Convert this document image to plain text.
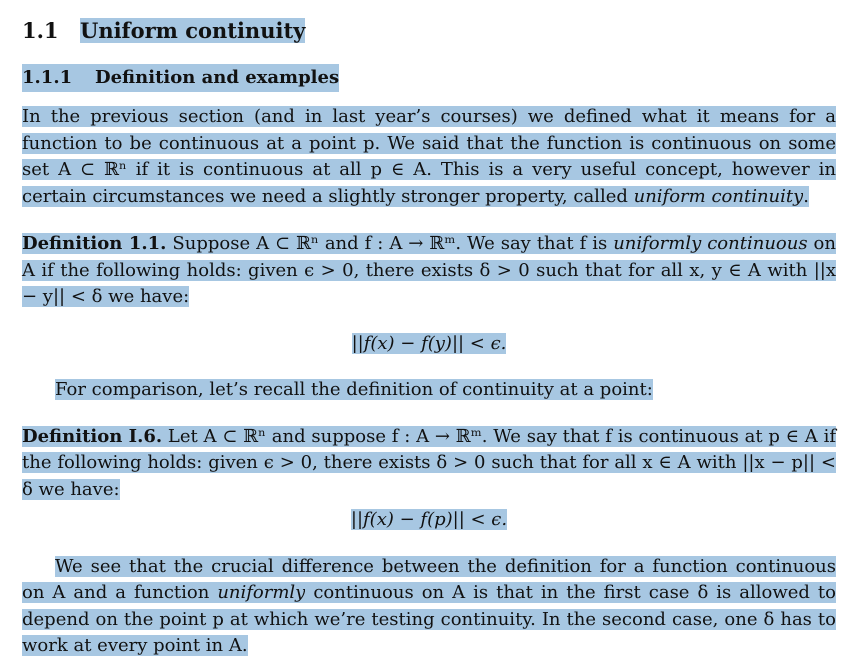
1.1 Uniform continuity
1.1.1 Definition and examples

In the previous section (and in last year’s courses) we defined what it means for a function to be continuous at a point p. We said that the function is continuous on some set A ⊂ ℝⁿ if it is continuous at all p ∈ A. This is a very useful concept, however in certain circumstances we need a slightly stronger property, called uniform continuity.

Definition 1.1. Suppose A ⊂ ℝⁿ and f : A → ℝᵐ. We say that f is uniformly continuous on A if the following holds: given ϵ > 0, there exists δ > 0 such that for all x, y ∈ A with ||x − y|| < δ we have:

||f(x) − f(y)|| < ϵ.

For comparison, let’s recall the definition of continuity at a point:

Definition I.6. Let A ⊂ ℝⁿ and suppose f : A → ℝᵐ. We say that f is continuous at p ∈ A if the following holds: given ϵ > 0, there exists δ > 0 such that for all x ∈ A with ||x − p|| < δ we have:

||f(x) − f(p)|| < ϵ.

We see that the crucial difference between the definition for a function continuous on A and a function uniformly continuous on A is that in the first case δ is allowed to depend on the point p at which we’re testing continuity. In the second case, one δ has to work at every point in A.
